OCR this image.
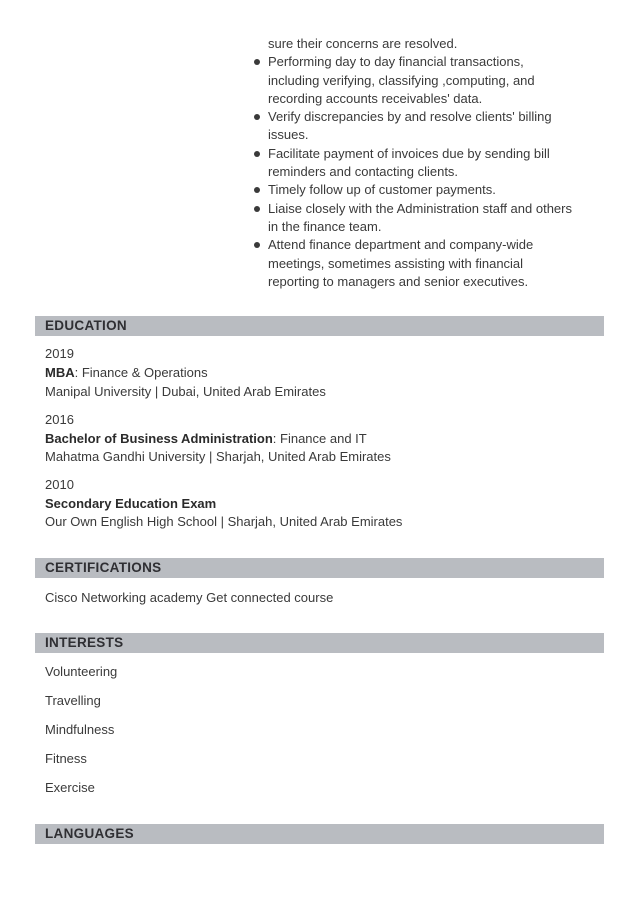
sure their concerns are resolved.
Performing day to day financial transactions,
including verifying, classifying ,computing, and
recording accounts receivables' data.
Verify discrepancies by and resolve clients' billing
issues.
Facilitate payment of invoices due by sending bill
reminders and contacting clients.
Timely follow up of customer payments.
Liaise closely with the Administration staff and others
in the finance team.
Attend finance department and company-wide
meetings, sometimes assisting with financial
reporting to managers and senior executives.
EDUCATION
2019
MBA: Finance & Operations
Manipal University | Dubai, United Arab Emirates
2016
Bachelor of Business Administration: Finance and IT
Mahatma Gandhi University | Sharjah, United Arab Emirates
2010
Secondary Education Exam
Our Own English High School | Sharjah, United Arab Emirates
CERTIFICATIONS
Cisco Networking academy Get connected course
INTERESTS
Volunteering
Travelling
Mindfulness
Fitness
Exercise
LANGUAGES
